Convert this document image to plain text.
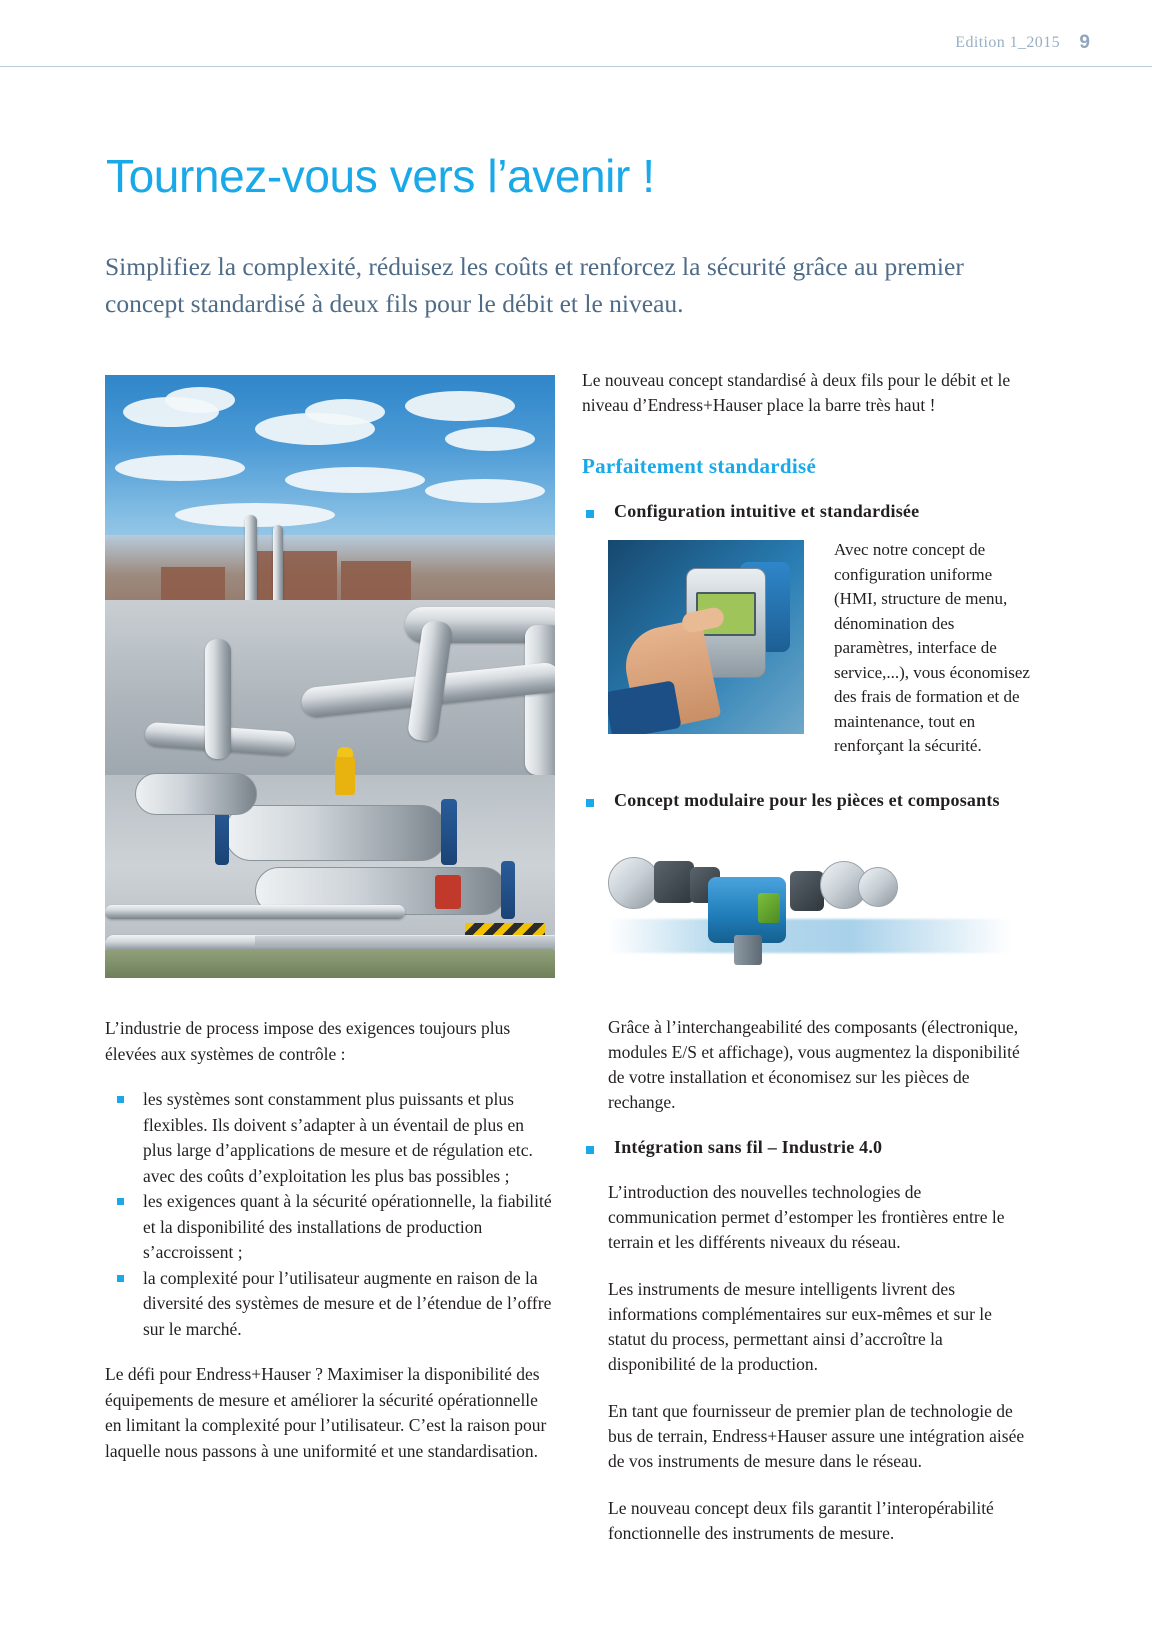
Edition 1_2015 9
Tournez-vous vers l’avenir !

Simplifiez la complexité, réduisez les coûts et renforcez la sécurité grâce au premier concept standardisé à deux fils pour le débit et le niveau.

L’industrie de process impose des exigences toujours plus élevées aux systèmes de contrôle :

les systèmes sont constamment plus puissants et plus flexibles. Ils doivent s’adapter à un éventail de plus en plus large d’applications de mesure et de régulation etc. avec des coûts d’exploitation les plus bas possibles ;
les exigences quant à la sécurité opérationnelle, la fiabilité et la disponibilité des installations de production s’accroissent ;
la complexité pour l’utilisateur augmente en raison de la diversité des systèmes de mesure et de l’étendue de l’offre sur le marché.

Le défi pour Endress+Hauser ? Maximiser la disponibilité des équipements de mesure et améliorer la sécurité opérationnelle en limitant la complexité pour l’utilisateur. C’est la raison pour laquelle nous passons à une uniformité et une standardisation.

Le nouveau concept standardisé à deux fils pour le débit et le niveau d’Endress+Hauser place la barre très haut !

Parfaitement standardisé
Configuration intuitive et standardisée
Avec notre concept de configuration uniforme (HMI, structure de menu, dénomination des paramètres, interface de service,...), vous économisez des frais de formation et de maintenance, tout en renforçant la sécurité.
Concept modulaire pour les pièces et composants

Grâce à l’interchangeabilité des composants (électronique, modules E/S et affichage), vous augmentez la disponibilité de votre installation et économisez sur les pièces de rechange.

Intégration sans fil – Industrie 4.0

L’introduction des nouvelles technologies de communication permet d’estomper les frontières entre le terrain et les différents niveaux du réseau.

Les instruments de mesure intelligents livrent des informations complémentaires sur eux-mêmes et sur le statut du process, permettant ainsi d’accroître la disponibilité de la production.

En tant que fournisseur de premier plan de technologie de bus de terrain, Endress+Hauser assure une intégration aisée de vos instruments de mesure dans le réseau.

Le nouveau concept deux fils garantit l’interopérabilité fonctionnelle des instruments de mesure.
